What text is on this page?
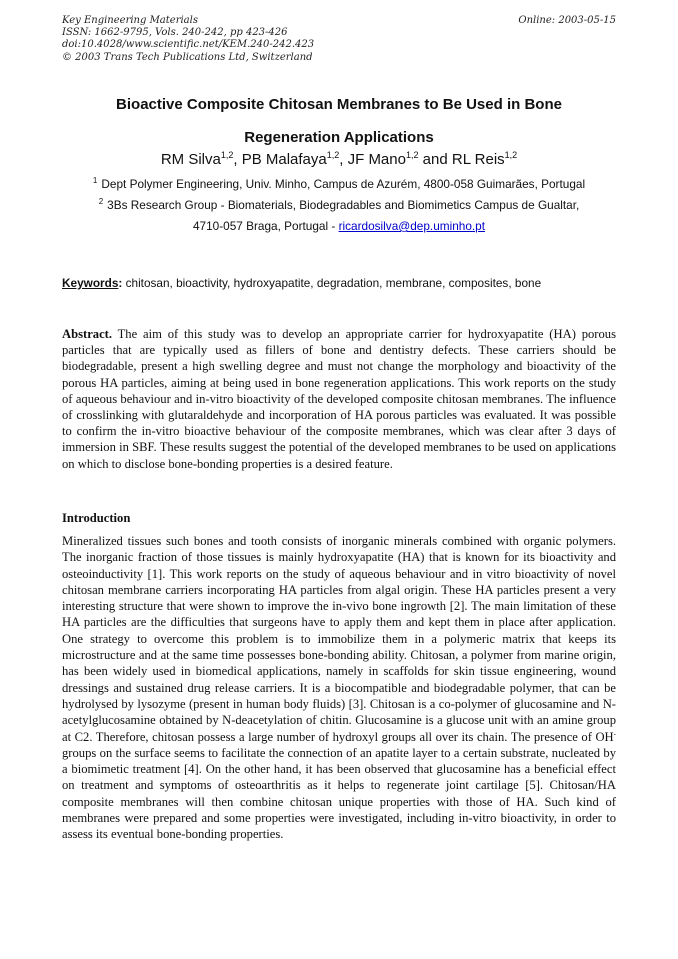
Key Engineering Materials
ISSN: 1662-9795, Vols. 240-242, pp 423-426
doi:10.4028/www.scientific.net/KEM.240-242.423
© 2003 Trans Tech Publications Ltd, Switzerland
Online: 2003-05-15
Bioactive Composite Chitosan Membranes to Be Used in Bone
Regeneration Applications
RM Silva$^{1,2}$, PB Malafaya$^{1,2}$, JF Mano$^{1,2}$ and RL Reis$^{1,2}$
$^1$ Dept Polymer Engineering, Univ. Minho, Campus de Azurém, 4800-058 Guimarães, Portugal
$^2$ 3Bs Research Group - Biomaterials, Biodegradables and Biomimetics Campus de Gualtar,
4710-057 Braga, Portugal - ricardosilva@dep.uminho.pt
Keywords: chitosan, bioactivity, hydroxyapatite, degradation, membrane, composites, bone
Abstract. The aim of this study was to develop an appropriate carrier for hydroxyapatite (HA) porous particles that are typically used as fillers of bone and dentistry defects. These carriers should be biodegradable, present a high swelling degree and must not change the morphology and bioactivity of the porous HA particles, aiming at being used in bone regeneration applications. This work reports on the study of aqueous behaviour and in-vitro bioactivity of the developed composite chitosan membranes. The influence of crosslinking with glutaraldehyde and incorporation of HA porous particles was evaluated. It was possible to confirm the in-vitro bioactive behaviour of the composite membranes, which was clear after 3 days of immersion in SBF. These results suggest the potential of the developed membranes to be used on applications on which to disclose bone-bonding properties is a desired feature.
Introduction
Mineralized tissues such bones and tooth consists of inorganic minerals combined with organic polymers. The inorganic fraction of those tissues is mainly hydroxyapatite (HA) that is known for its bioactivity and osteoinductivity [1]. This work reports on the study of aqueous behaviour and in vitro bioactivity of novel chitosan membrane carriers incorporating HA particles from algal origin. These HA particles present a very interesting structure that were shown to improve the in-vivo bone ingrowth [2]. The main limitation of these HA particles are the difficulties that surgeons have to apply them and kept them in place after application. One strategy to overcome this problem is to immobilize them in a polymeric matrix that keeps its microstructure and at the same time possesses bone-bonding ability. Chitosan, a polymer from marine origin, has been widely used in biomedical applications, namely in scaffolds for skin tissue engineering, wound dressings and sustained drug release carriers. It is a biocompatible and biodegradable polymer, that can be hydrolysed by lysozyme (present in human body fluids) [3]. Chitosan is a co-polymer of glucosamine and N-acetylglucosamine obtained by N-deacetylation of chitin. Glucosamine is a glucose unit with an amine group at C2. Therefore, chitosan possess a large number of hydroxyl groups all over its chain. The presence of OH- groups on the surface seems to facilitate the connection of an apatite layer to a certain substrate, nucleated by a biomimetic treatment [4]. On the other hand, it has been observed that glucosamine has a beneficial effect on treatment and symptoms of osteoarthritis as it helps to regenerate joint cartilage [5]. Chitosan/HA composite membranes will then combine chitosan unique properties with those of HA. Such kind of membranes were prepared and some properties were investigated, including in-vitro bioactivity, in order to assess its eventual bone-bonding properties.
